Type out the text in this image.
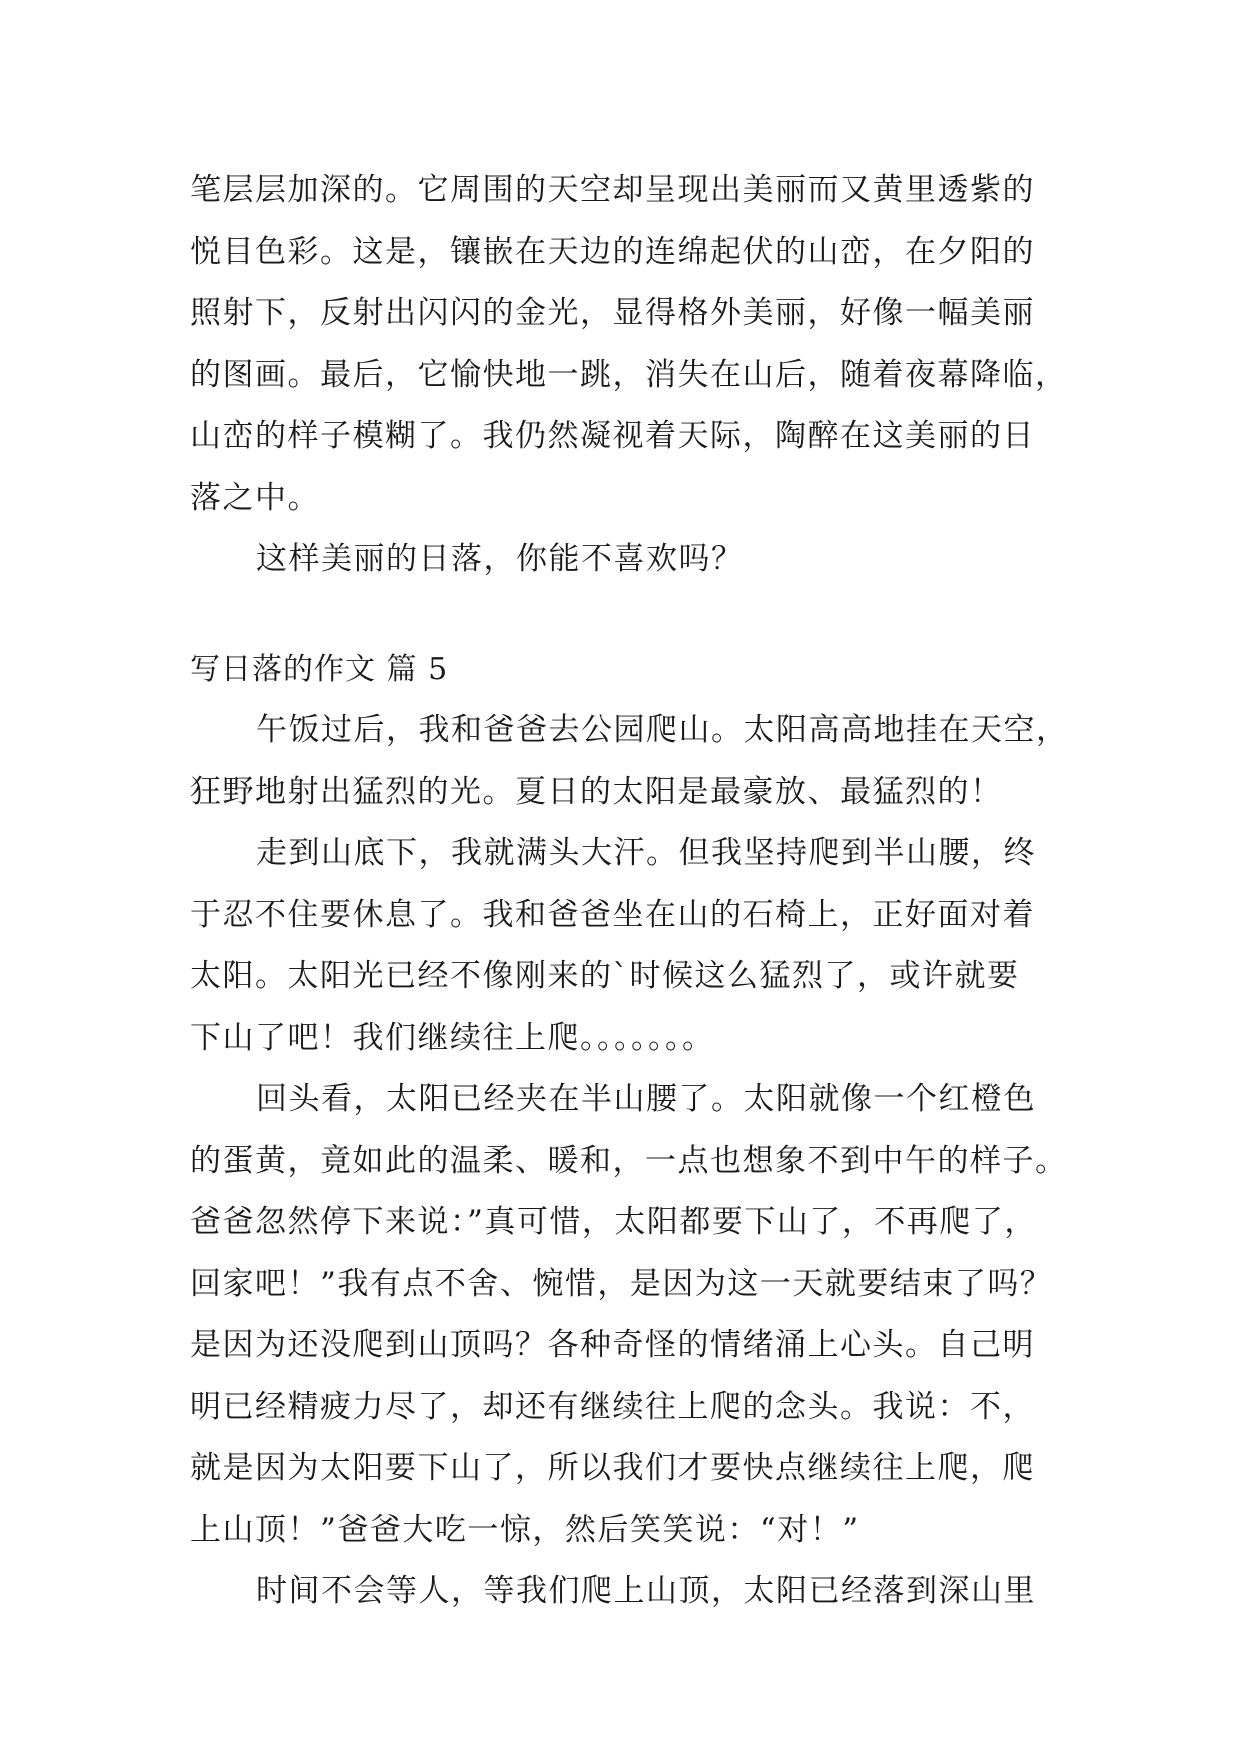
笔层层加深的。它周围的天空却呈现出美丽而又黄里透紫的
悦目色彩。这是，镶嵌在天边的连绵起伏的山峦，在夕阳的
照射下，反射出闪闪的金光，显得格外美丽，好像一幅美丽
的图画。最后，它愉快地一跳，消失在山后，随着夜幕降临，
山峦的样子模糊了。我仍然凝视着天际，陶醉在这美丽的日
落之中。
这样美丽的日落，你能不喜欢吗？
写日落的作文 篇 5
午饭过后，我和爸爸去公园爬山。太阳高高地挂在天空，
狂野地射出猛烈的光。夏日的太阳是最豪放、最猛烈的！
走到山底下，我就满头大汗。但我坚持爬到半山腰，终
于忍不住要休息了。我和爸爸坐在山的石椅上，正好面对着
太阳。太阳光已经不像刚来的`时候这么猛烈了，或许就要
下山了吧！我们继续往上爬。。。。。。。
回头看，太阳已经夹在半山腰了。太阳就像一个红橙色
的蛋黄，竟如此的温柔、暖和，一点也想象不到中午的样子。
爸爸忽然停下来说：”真可惜，太阳都要下山了，不再爬了，
回家吧！”我有点不舍、惋惜，是因为这一天就要结束了吗？
是因为还没爬到山顶吗？各种奇怪的情绪涌上心头。自己明
明已经精疲力尽了，却还有继续往上爬的念头。我说：不，
就是因为太阳要下山了，所以我们才要快点继续往上爬，爬
上山顶！”爸爸大吃一惊，然后笑笑说：“对！”
时间不会等人，等我们爬上山顶，太阳已经落到深山里
